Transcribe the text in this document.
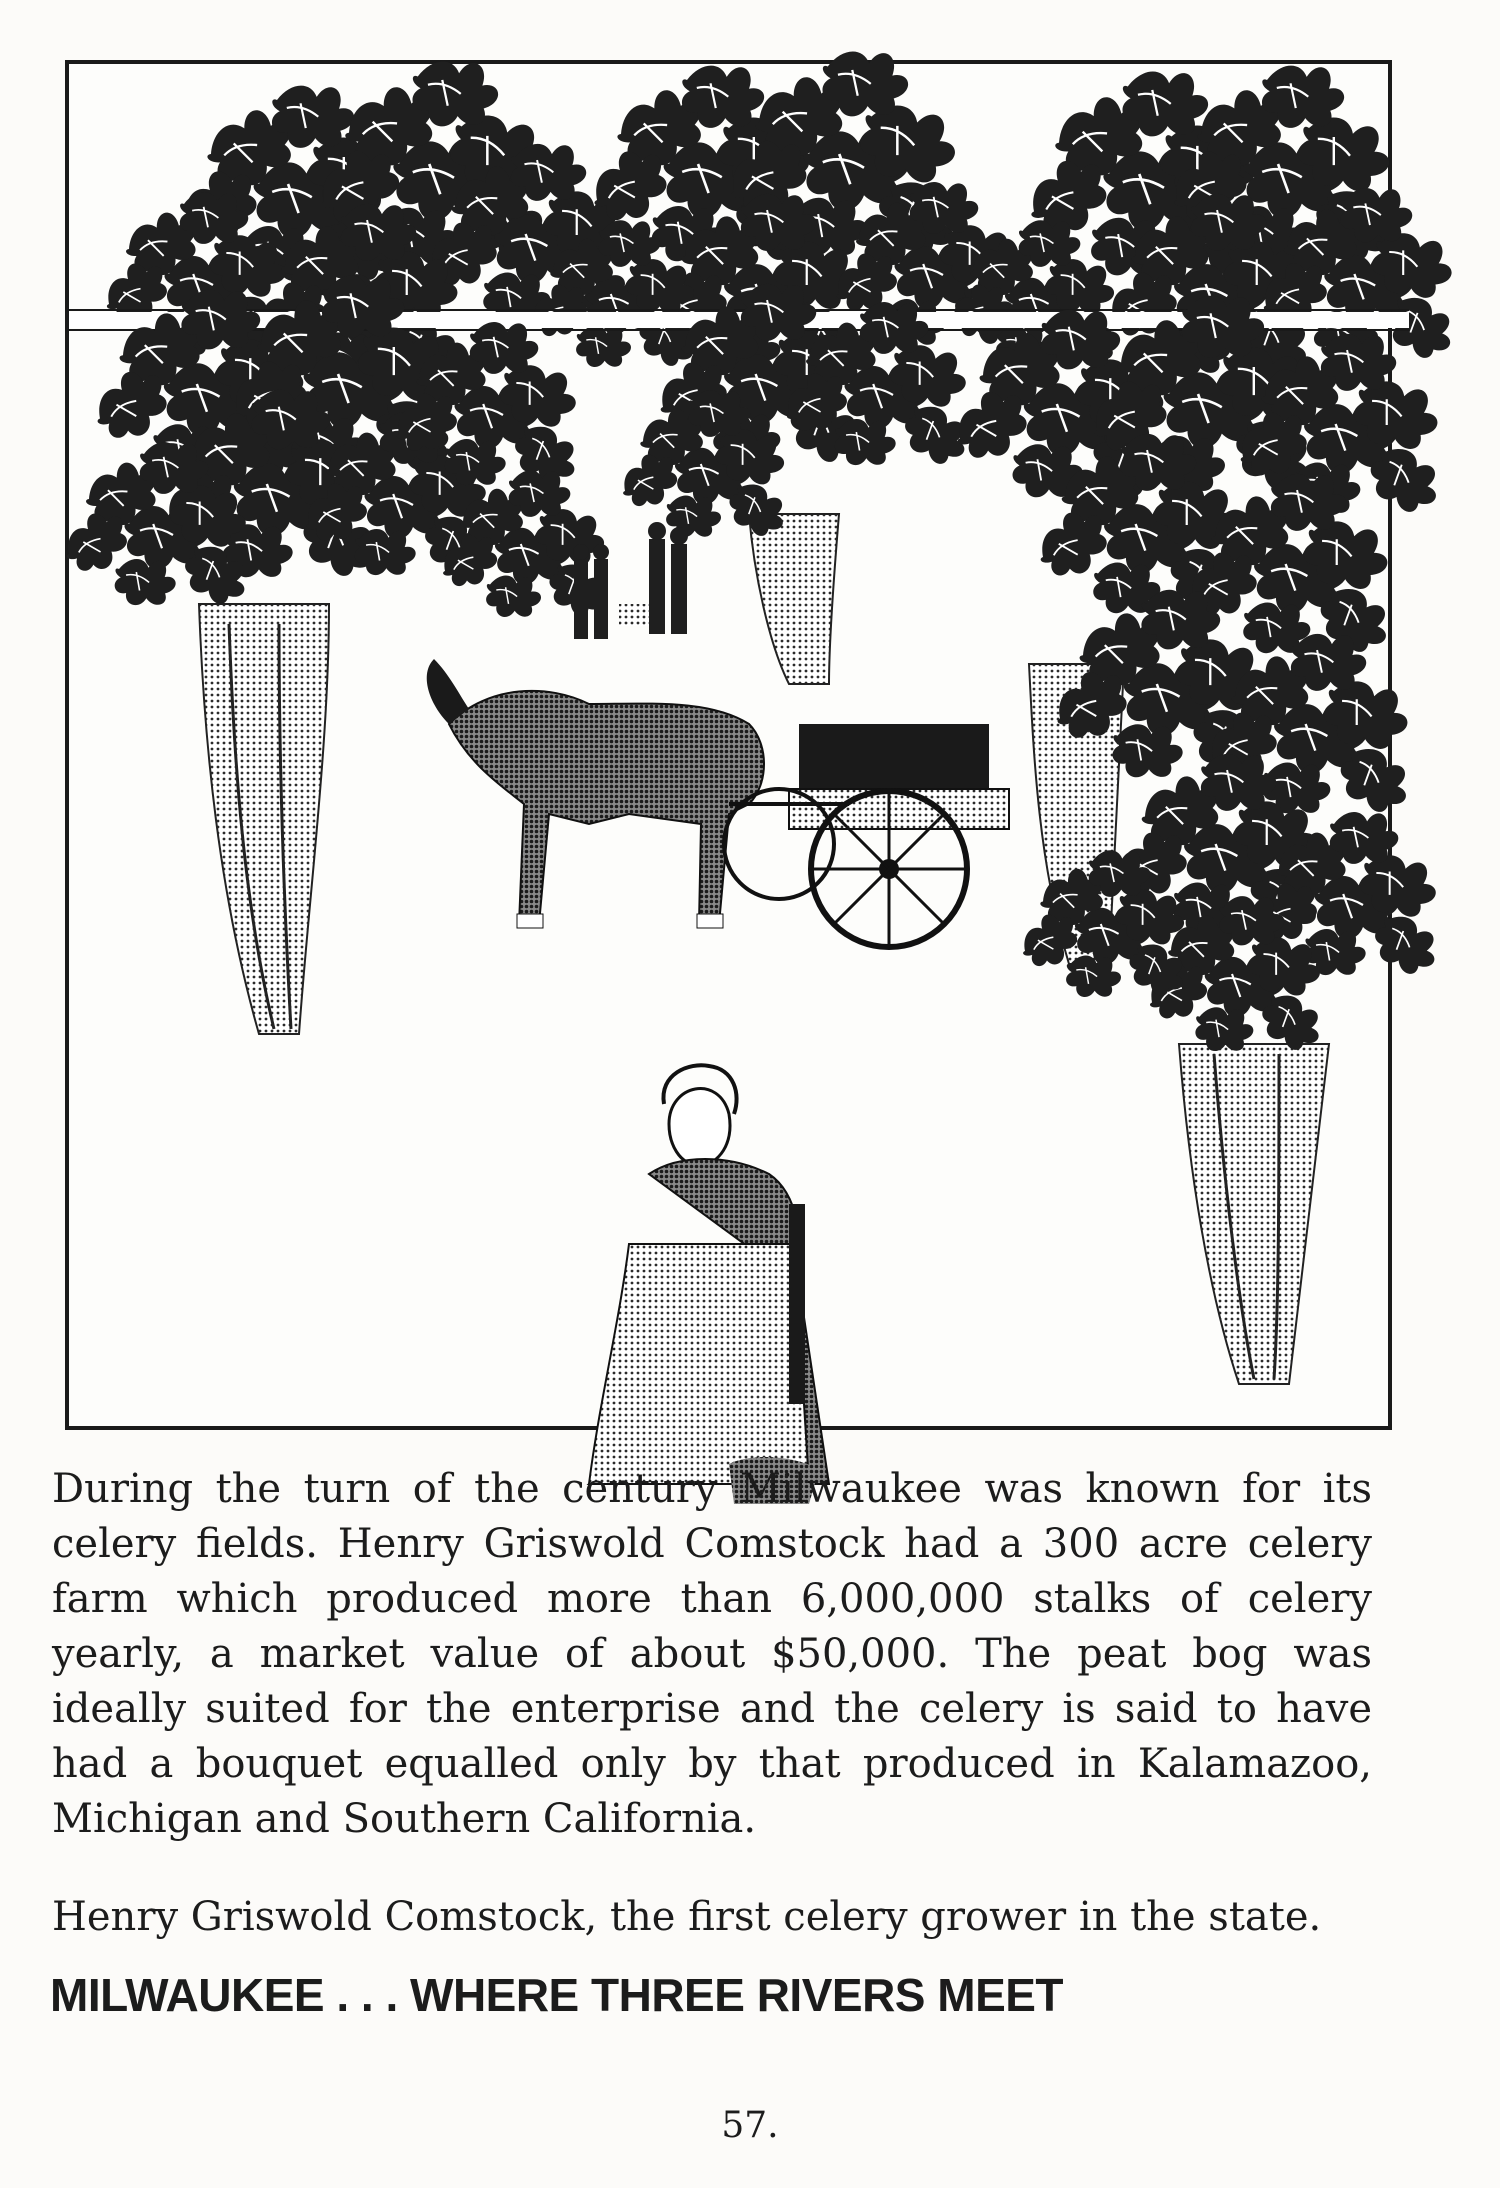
During the turn of the century Milwaukee was known for its celery fields. Henry Griswold Comstock had a 300 acre celery farm which produced more than 6,000,000 stalks of celery yearly, a market value of about $50,000. The peat bog was ideally suited for the enterprise and the celery is said to have had a bouquet equalled only by that produced in Kalamazoo, Michigan and Southern California.

Henry Griswold Comstock, the first celery grower in the state.

MILWAUKEE . . . WHERE THREE RIVERS MEET

57.
